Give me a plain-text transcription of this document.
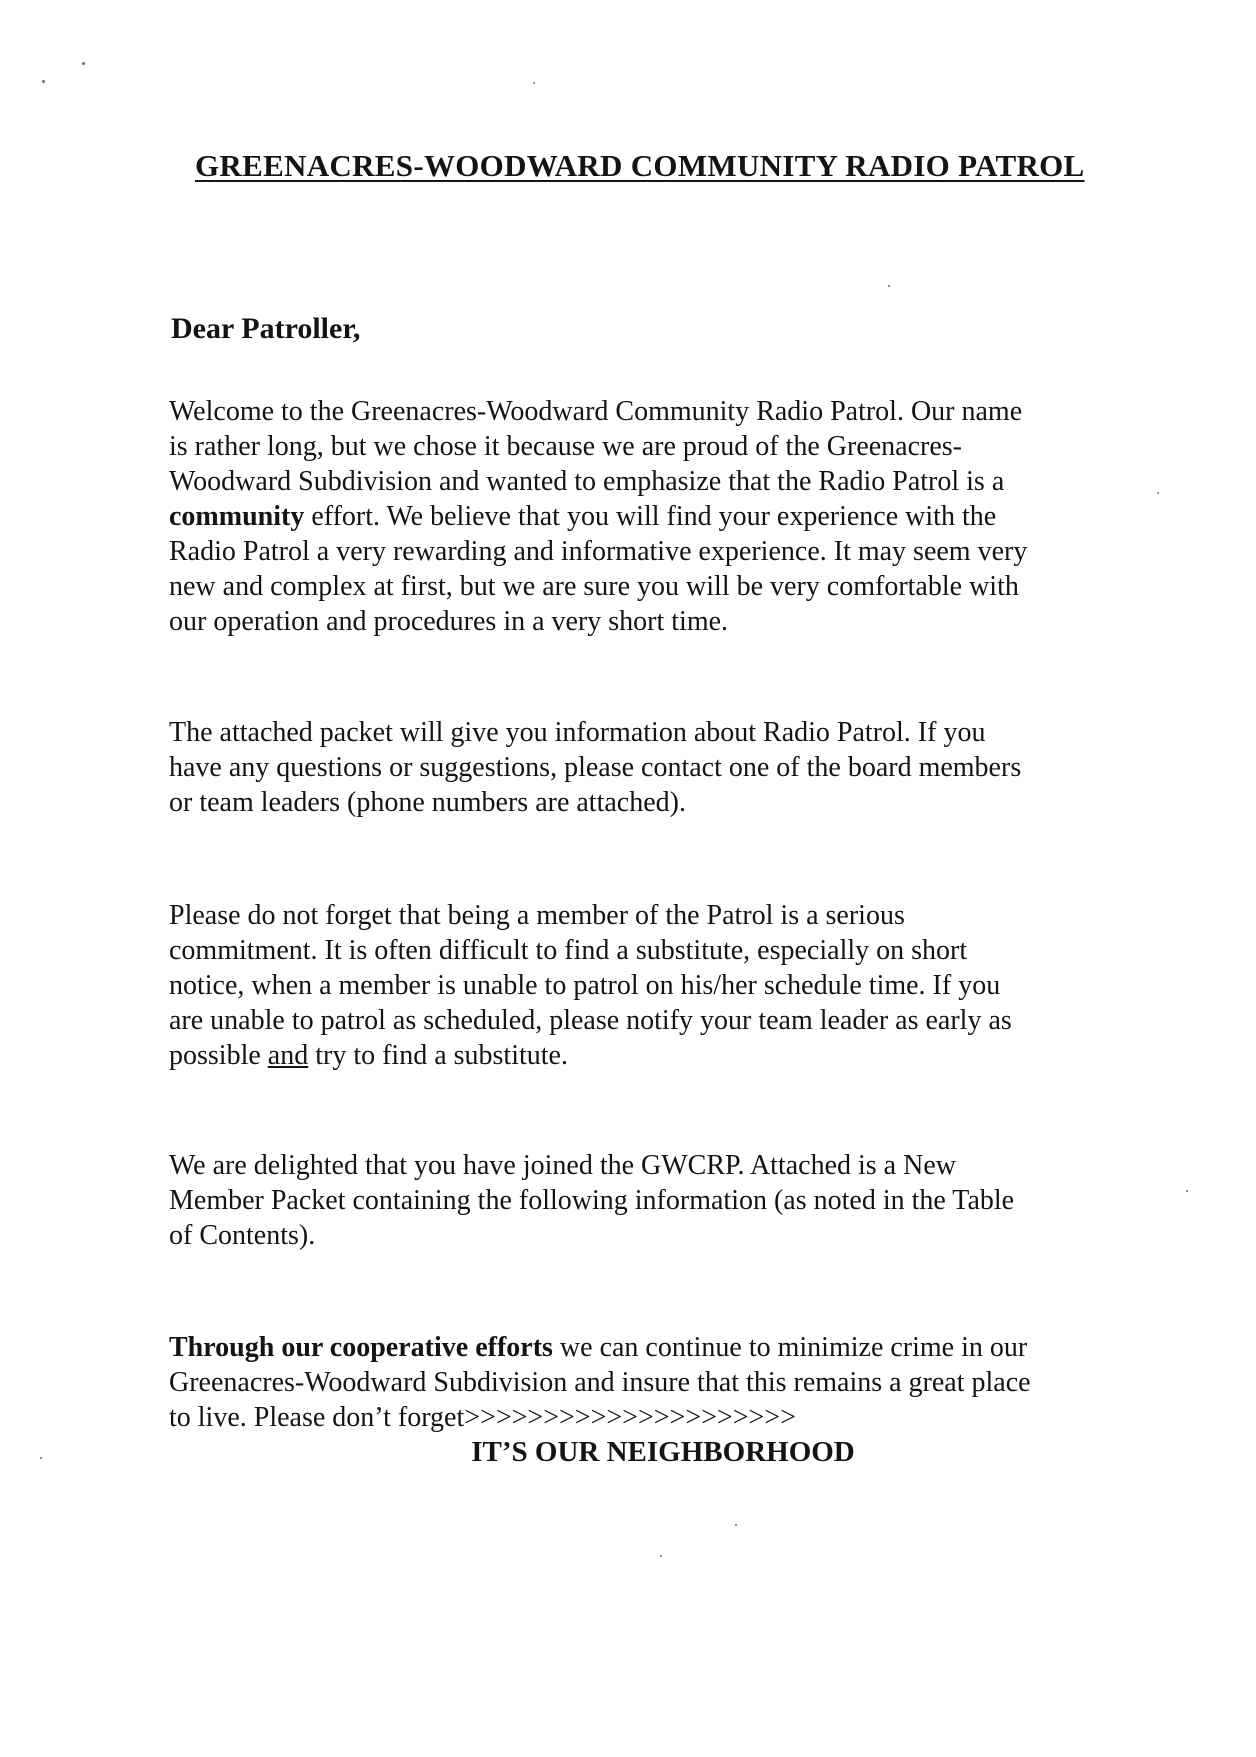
GREENACRES-WOODWARD COMMUNITY RADIO PATROL

Dear Patroller,

Welcome to the Greenacres-Woodward Community Radio Patrol. Our name
is rather long, but we chose it because we are proud of the Greenacres-
Woodward Subdivision and wanted to emphasize that the Radio Patrol is a
community effort. We believe that you will find your experience with the
Radio Patrol a very rewarding and informative experience. It may seem very
new and complex at first, but we are sure you will be very comfortable with
our operation and procedures in a very short time.

The attached packet will give you information about Radio Patrol. If you
have any questions or suggestions, please contact one of the board members
or team leaders (phone numbers are attached).

Please do not forget that being a member of the Patrol is a serious
commitment. It is often difficult to find a substitute, especially on short
notice, when a member is unable to patrol on his/her schedule time. If you
are unable to patrol as scheduled, please notify your team leader as early as
possible and try to find a substitute.

We are delighted that you have joined the GWCRP. Attached is a New
Member Packet containing the following information (as noted in the Table
of Contents).

Through our cooperative efforts we can continue to minimize crime in our
Greenacres-Woodward Subdivision and insure that this remains a great place
to live. Please don’t forget>>>>>>>>>>>>>>>>>>>>>

IT’S OUR NEIGHBORHOOD
